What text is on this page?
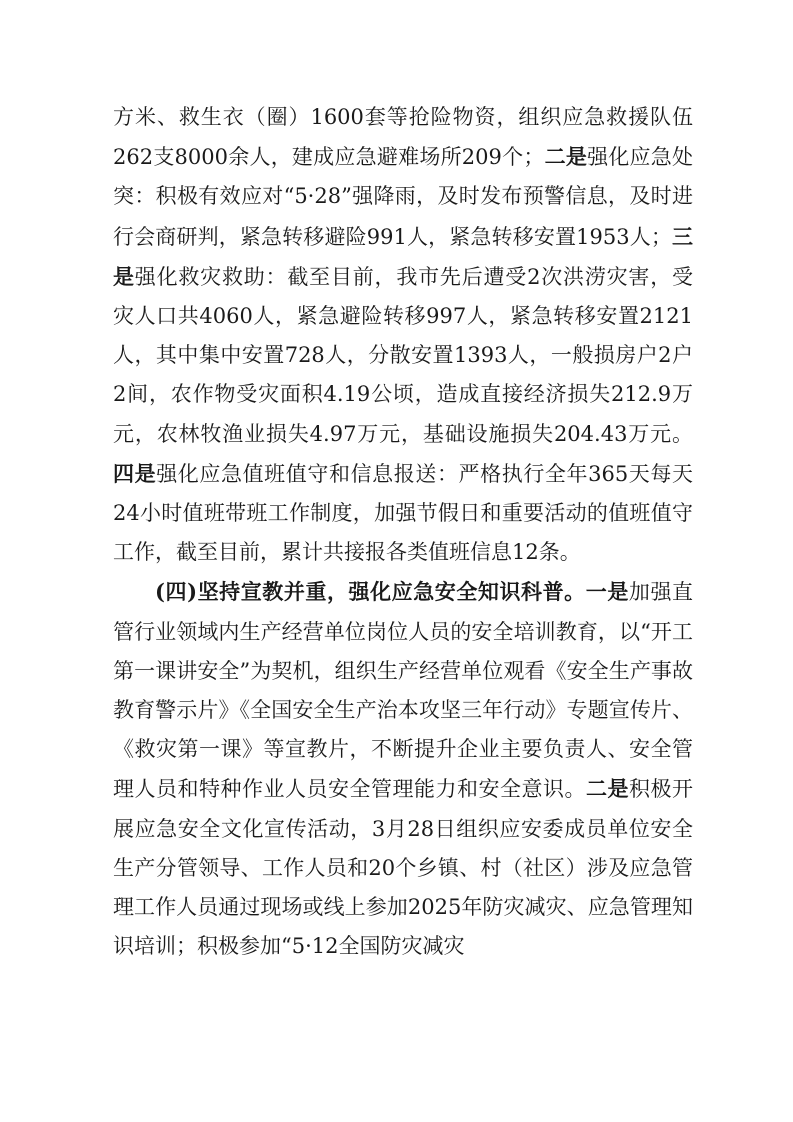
方米、救生衣（圈）1600套等抢险物资，组织应急救援队伍262支8000余人，建成应急避难场所209个；二是强化应急处突：积极有效应对“5·28”强降雨，及时发布预警信息，及时进行会商研判，紧急转移避险991人，紧急转移安置1953人；三是强化救灾救助：截至目前，我市先后遭受2次洪涝灾害，受灾人口共4060人，紧急避险转移997人，紧急转移安置2121人，其中集中安置728人，分散安置1393人，一般损房户2户2间，农作物受灾面积4.19公顷，造成直接经济损失212.9万元，农林牧渔业损失4.97万元，基础设施损失204.43万元。四是强化应急值班值守和信息报送：严格执行全年365天每天24小时值班带班工作制度，加强节假日和重要活动的值班值守工作，截至目前，累计共接报各类值班信息12条。

(四)坚持宣教并重，强化应急安全知识科普。一是加强直管行业领域内生产经营单位岗位人员的安全培训教育，以“开工第一课讲安全”为契机，组织生产经营单位观看《安全生产事故教育警示片》《全国安全生产治本攻坚三年行动》专题宣传片、《救灾第一课》等宣教片，不断提升企业主要负责人、安全管理人员和特种作业人员安全管理能力和安全意识。二是积极开展应急安全文化宣传活动，3月28日组织应安委成员单位安全生产分管领导、工作人员和20个乡镇、村（社区）涉及应急管理工作人员通过现场或线上参加2025年防灾减灾、应急管理知识培训；积极参加“5·12全国防灾减灾
